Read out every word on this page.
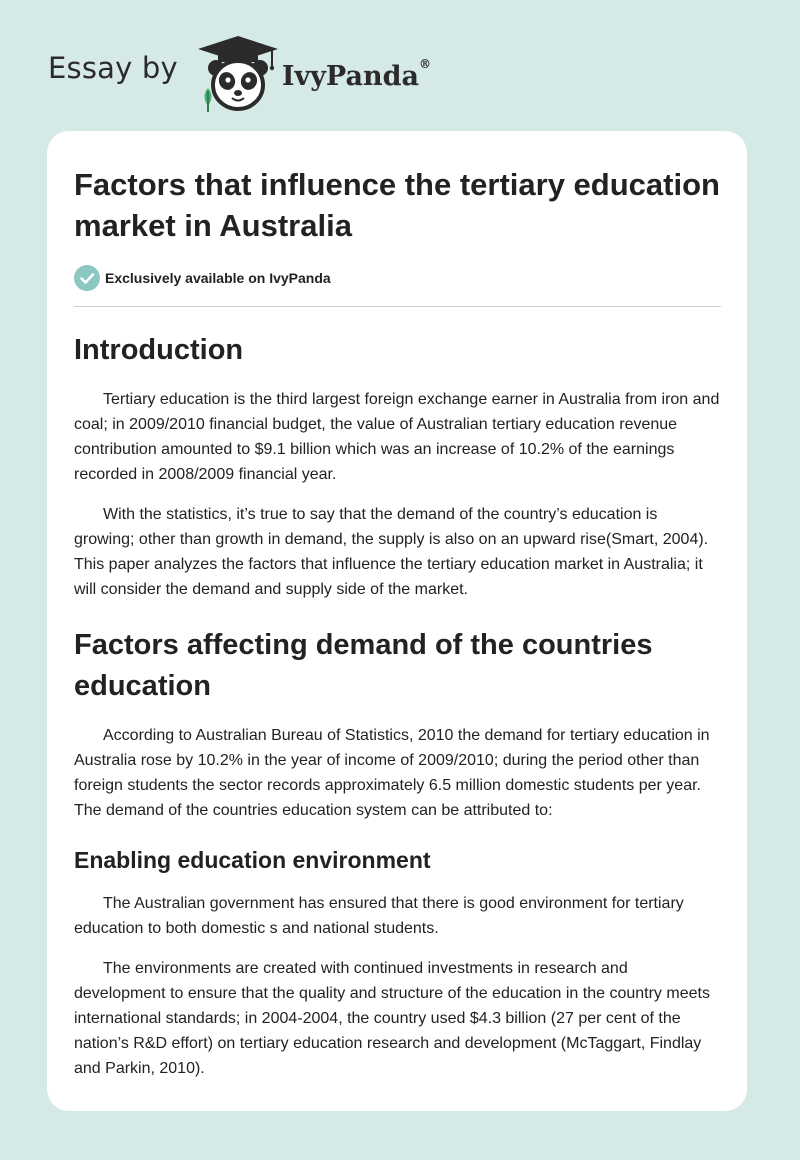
Essay by	IvyPanda®
Factors that influence the tertiary education market in Australia
Exclusively available on IvyPanda
Introduction

Tertiary education is the third largest foreign exchange earner in Australia from iron and coal; in 2009/2010 financial budget, the value of Australian tertiary education revenue contribution amounted to $9.1 billion which was an increase of 10.2% of the earnings recorded in 2008/2009 financial year.

With the statistics, it’s true to say that the demand of the country’s education is growing; other than growth in demand, the supply is also on an upward rise(Smart, 2004). This paper analyzes the factors that influence the tertiary education market in Australia; it will consider the demand and supply side of the market.

Factors affecting demand of the countries education

According to Australian Bureau of Statistics, 2010 the demand for tertiary education in Australia rose by 10.2% in the year of income of 2009/2010; during the period other than foreign students the sector records approximately 6.5 million domestic students per year. The demand of the countries education system can be attributed to:

Enabling education environment

The Australian government has ensured that there is good environment for tertiary education to both domestic s and national students.

The environments are created with continued investments in research and development to ensure that the quality and structure of the education in the country meets international standards; in 2004-2004, the country used $4.3 billion (27 per cent of the nation’s R&D effort) on tertiary education research and development (McTaggart, Findlay and Parkin, 2010).
